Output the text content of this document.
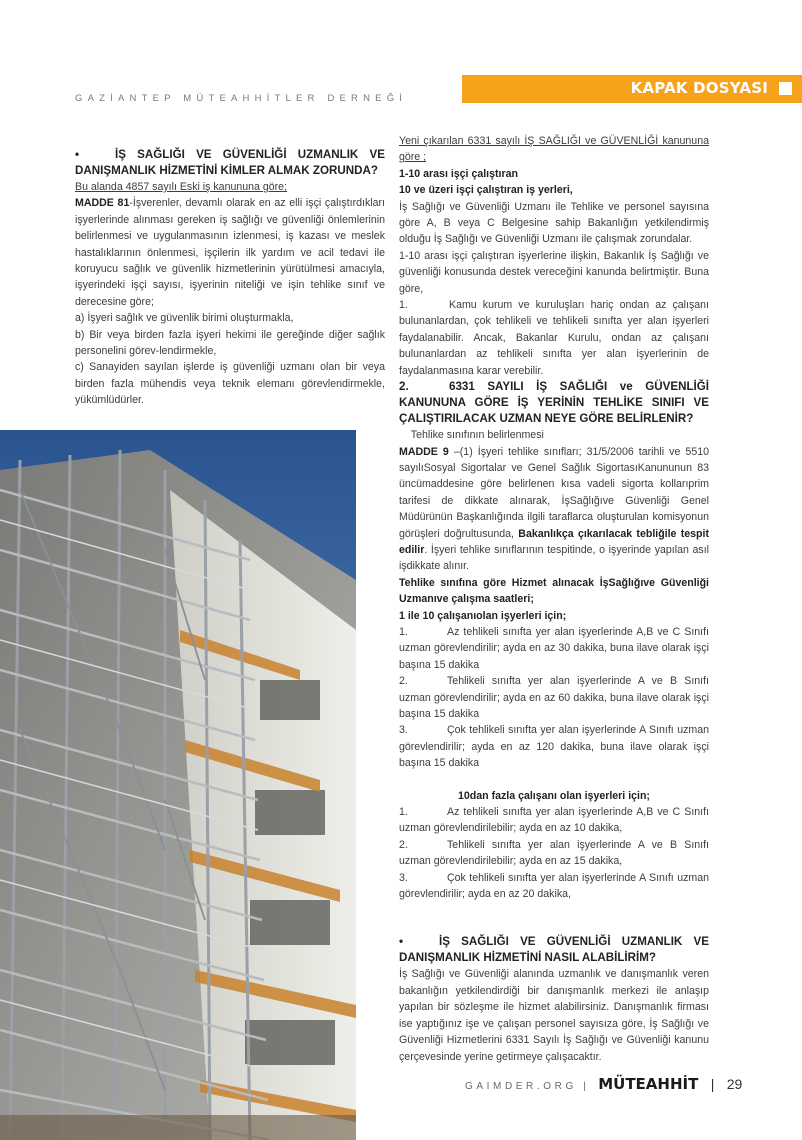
GAZİANTEP MÜTEAHHİTLER DERNEĞİ
KAPAK DOSYASI

•	İŞ SAĞLIĞI VE GÜVENLİĞİ UZMANLIK VE DANIŞMANLIK HİZMETİNİ KİMLER ALMAK ZORUNDA?

Bu alanda 4857 sayılı Eski iş kanununa göre;

MADDE 81-İşverenler, devamlı olarak en az elli işçi çalıştırdıkları işyerlerinde alınması gereken iş sağlığı ve güvenliği önlemlerinin belirlenmesi ve uygulanmasının izlenmesi, iş kazası ve meslek hastalıklarının önlenmesi, işçilerin ilk yardım ve acil tedavi ile koruyucu sağlık ve güvenlik hizmetlerinin yürütülmesi amacıyla, işyerindeki işçi sayısı, işyerinin niteliği ve işin tehlike sınıf ve derecesine göre;

a) İşyeri sağlık ve güvenlik birimi oluşturmakla,

b) Bir veya birden fazla işyeri hekimi ile gereğinde diğer sağlık personelini görev-lendirmekle,

c) Sanayiden sayılan işlerde iş güvenliği uzmanı olan bir veya birden fazla mühendis veya teknik elemanı görevlendirmekle, yükümlüdürler.

Yeni çıkarılan 6331 sayılı İŞ SAĞLIĞI ve GÜVENLİĞİ kanununa göre ;

1-10 arası işçi çalıştıran

10 ve üzeri işçi çalıştıran iş yerleri,

İş Sağlığı ve Güvenliği Uzmanı ile Tehlike ve personel sayısına göre A, B veya C Belgesine sahip Bakanlığın yetkilendirmiş olduğu İş Sağlığı ve Güvenliği Uzmanı ile çalışmak zorundalar.

1-10 arası işçi çalıştıran işyerlerine ilişkin, Bakanlık İş Sağlığı ve güvenliği konusunda destek vereceğini kanunda belirtmiştir. Buna göre,

1.	Kamu kurum ve kuruluşları hariç ondan az çalışanı bulunanlardan, çok tehlikeli ve tehlikeli sınıfta yer alan işyerleri faydalanabilir. Ancak, Bakanlar Kurulu, ondan az çalışanı bulunanlardan az tehlikeli sınıfta yer alan işyerlerinin de faydalanmasına karar verebilir.

2.	6331 SAYILI İŞ SAĞLIĞI ve GÜVENLİĞİ KANUNUNA GÖRE İŞ YERİNİN TEHLİKE SINIFI VE ÇALIŞTIRILACAK UZMAN NEYE GÖRE BELİRLENİR?

Tehlike sınıfının belirlenmesi

MADDE 9 –(1) İşyeri tehlike sınıfları; 31/5/2006 tarihli ve 5510 sayılıSosyal Sigortalar ve Genel Sağlık SigortasıKanununun 83 üncümaddesine göre belirlenen kısa vadeli sigorta kollarıprim tarifesi de dikkate alınarak, İşSağlığıve Güvenliği Genel Müdürünün Başkanlığında ilgili taraflarca oluşturulan komisyonun görüşleri doğrultusunda, Bakanlıkça çıkarılacak tebliğile tespit edilir. İşyeri tehlike sınıflarının tespitinde, o işyerinde yapılan asıl işdikkate alınır.

Tehlike sınıfına göre Hizmet alınacak İşSağlığıve Güvenliği Uzmanıve çalışma saatleri;

1 ile 10 çalışanıolan işyerleri için;

1.	Az tehlikeli sınıfta yer alan işyerlerinde A,B ve C Sınıfı uzman görevlendirilir; ayda en az 30 dakika, buna ilave olarak işçi başına 15 dakika

2.	Tehlikeli sınıfta yer alan işyerlerinde A ve B Sınıfı uzman görevlendirilir; ayda en az 60 dakika, buna ilave olarak işçi başına 15 dakika

3.	Çok tehlikeli sınıfta yer alan işyerlerinde A Sınıfı uzman görevlendirilir; ayda en az 120 dakika, buna ilave olarak işçi başına 15 dakika

10dan fazla çalışanı olan işyerleri için;

1.	Az tehlikeli sınıfta yer alan işyerlerinde A,B ve C Sınıfı uzman görevlendirilebilir; ayda en az 10 dakika,

2.	Tehlikeli sınıfta yer alan işyerlerinde A ve B Sınıfı uzman görevlendirilebilir; ayda en az 15 dakika,

3.	Çok tehlikeli sınıfta yer alan işyerlerinde A Sınıfı uzman görevlendirilir; ayda en az 20 dakika,

•	İŞ SAĞLIĞI VE GÜVENLİĞİ UZMANLIK VE DANIŞMANLIK HİZMETİNİ NASIL ALABİLİRİM?

İş Sağlığı ve Güvenliği alanında uzmanlık ve danışmanlık veren bakanlığın yetkilendirdiği bir danışmanlık merkezi ile anlaşıp yapılan bir sözleşme ile hizmet alabilirsiniz. Danışmanlık firması ise yaptığınız işe ve çalışan personel sayısıza göre, İş Sağlığı ve Güvenliği Hizmetlerini 6331 Sayılı İş Sağlığı ve Güvenliği kanunu çerçevesinde yerine getirmeye çalışacaktır.

GAIMDER.ORG | MÜTEAHHİT | 29
